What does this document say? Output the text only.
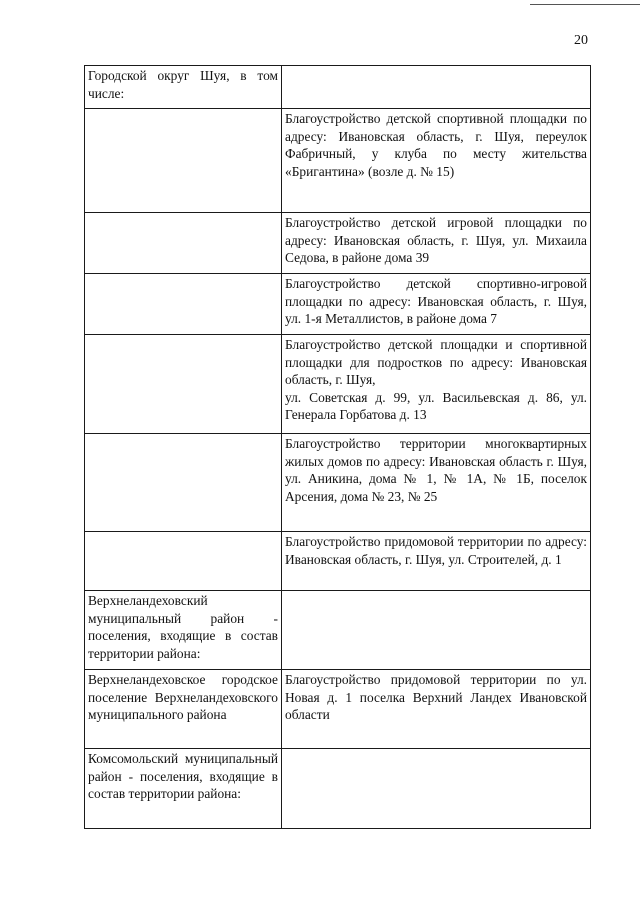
20
Городской округ Шуя, в том числе:	
	Благоустройство детской спортивной площадки по адресу: Ивановская область, г. Шуя, переулок Фабричный, у клуба по месту жительства «Бригантина» (возле д. № 15)
	Благоустройство детской игровой площадки по адресу: Ивановская область, г. Шуя, ул. Михаила Седова, в районе дома 39
	Благоустройство детской спортивно-игровой площадки по адресу: Ивановская область, г. Шуя, ул. 1-я Металлистов, в районе дома 7

	Благоустройство детской площадки и спортивной площадки для подростков по адресу: Ивановская область, г. Шуя,
ул. Советская д. 99, ул. Васильевская д. 86, ул. Генерала Горбатова д. 13

	Благоустройство территории многоквартирных жилых домов по адресу: Ивановская область г. Шуя, ул. Аникина, дома № 1, № 1А, № 1Б, поселок Арсения, дома № 23, № 25
	Благоустройство придомовой территории по адресу: Ивановская область, г. Шуя, ул. Строителей, д. 1
Верхнеландеховский муниципальный район - поселения, входящие в состав территории района:	
Верхнеландеховское городское поселение Верхнеландеховского муниципального района	Благоустройство придомовой территории по ул. Новая д. 1 поселка Верхний Ландех Ивановской области
Комсомольский муниципальный район - поселения, входящие в состав территории района:	
